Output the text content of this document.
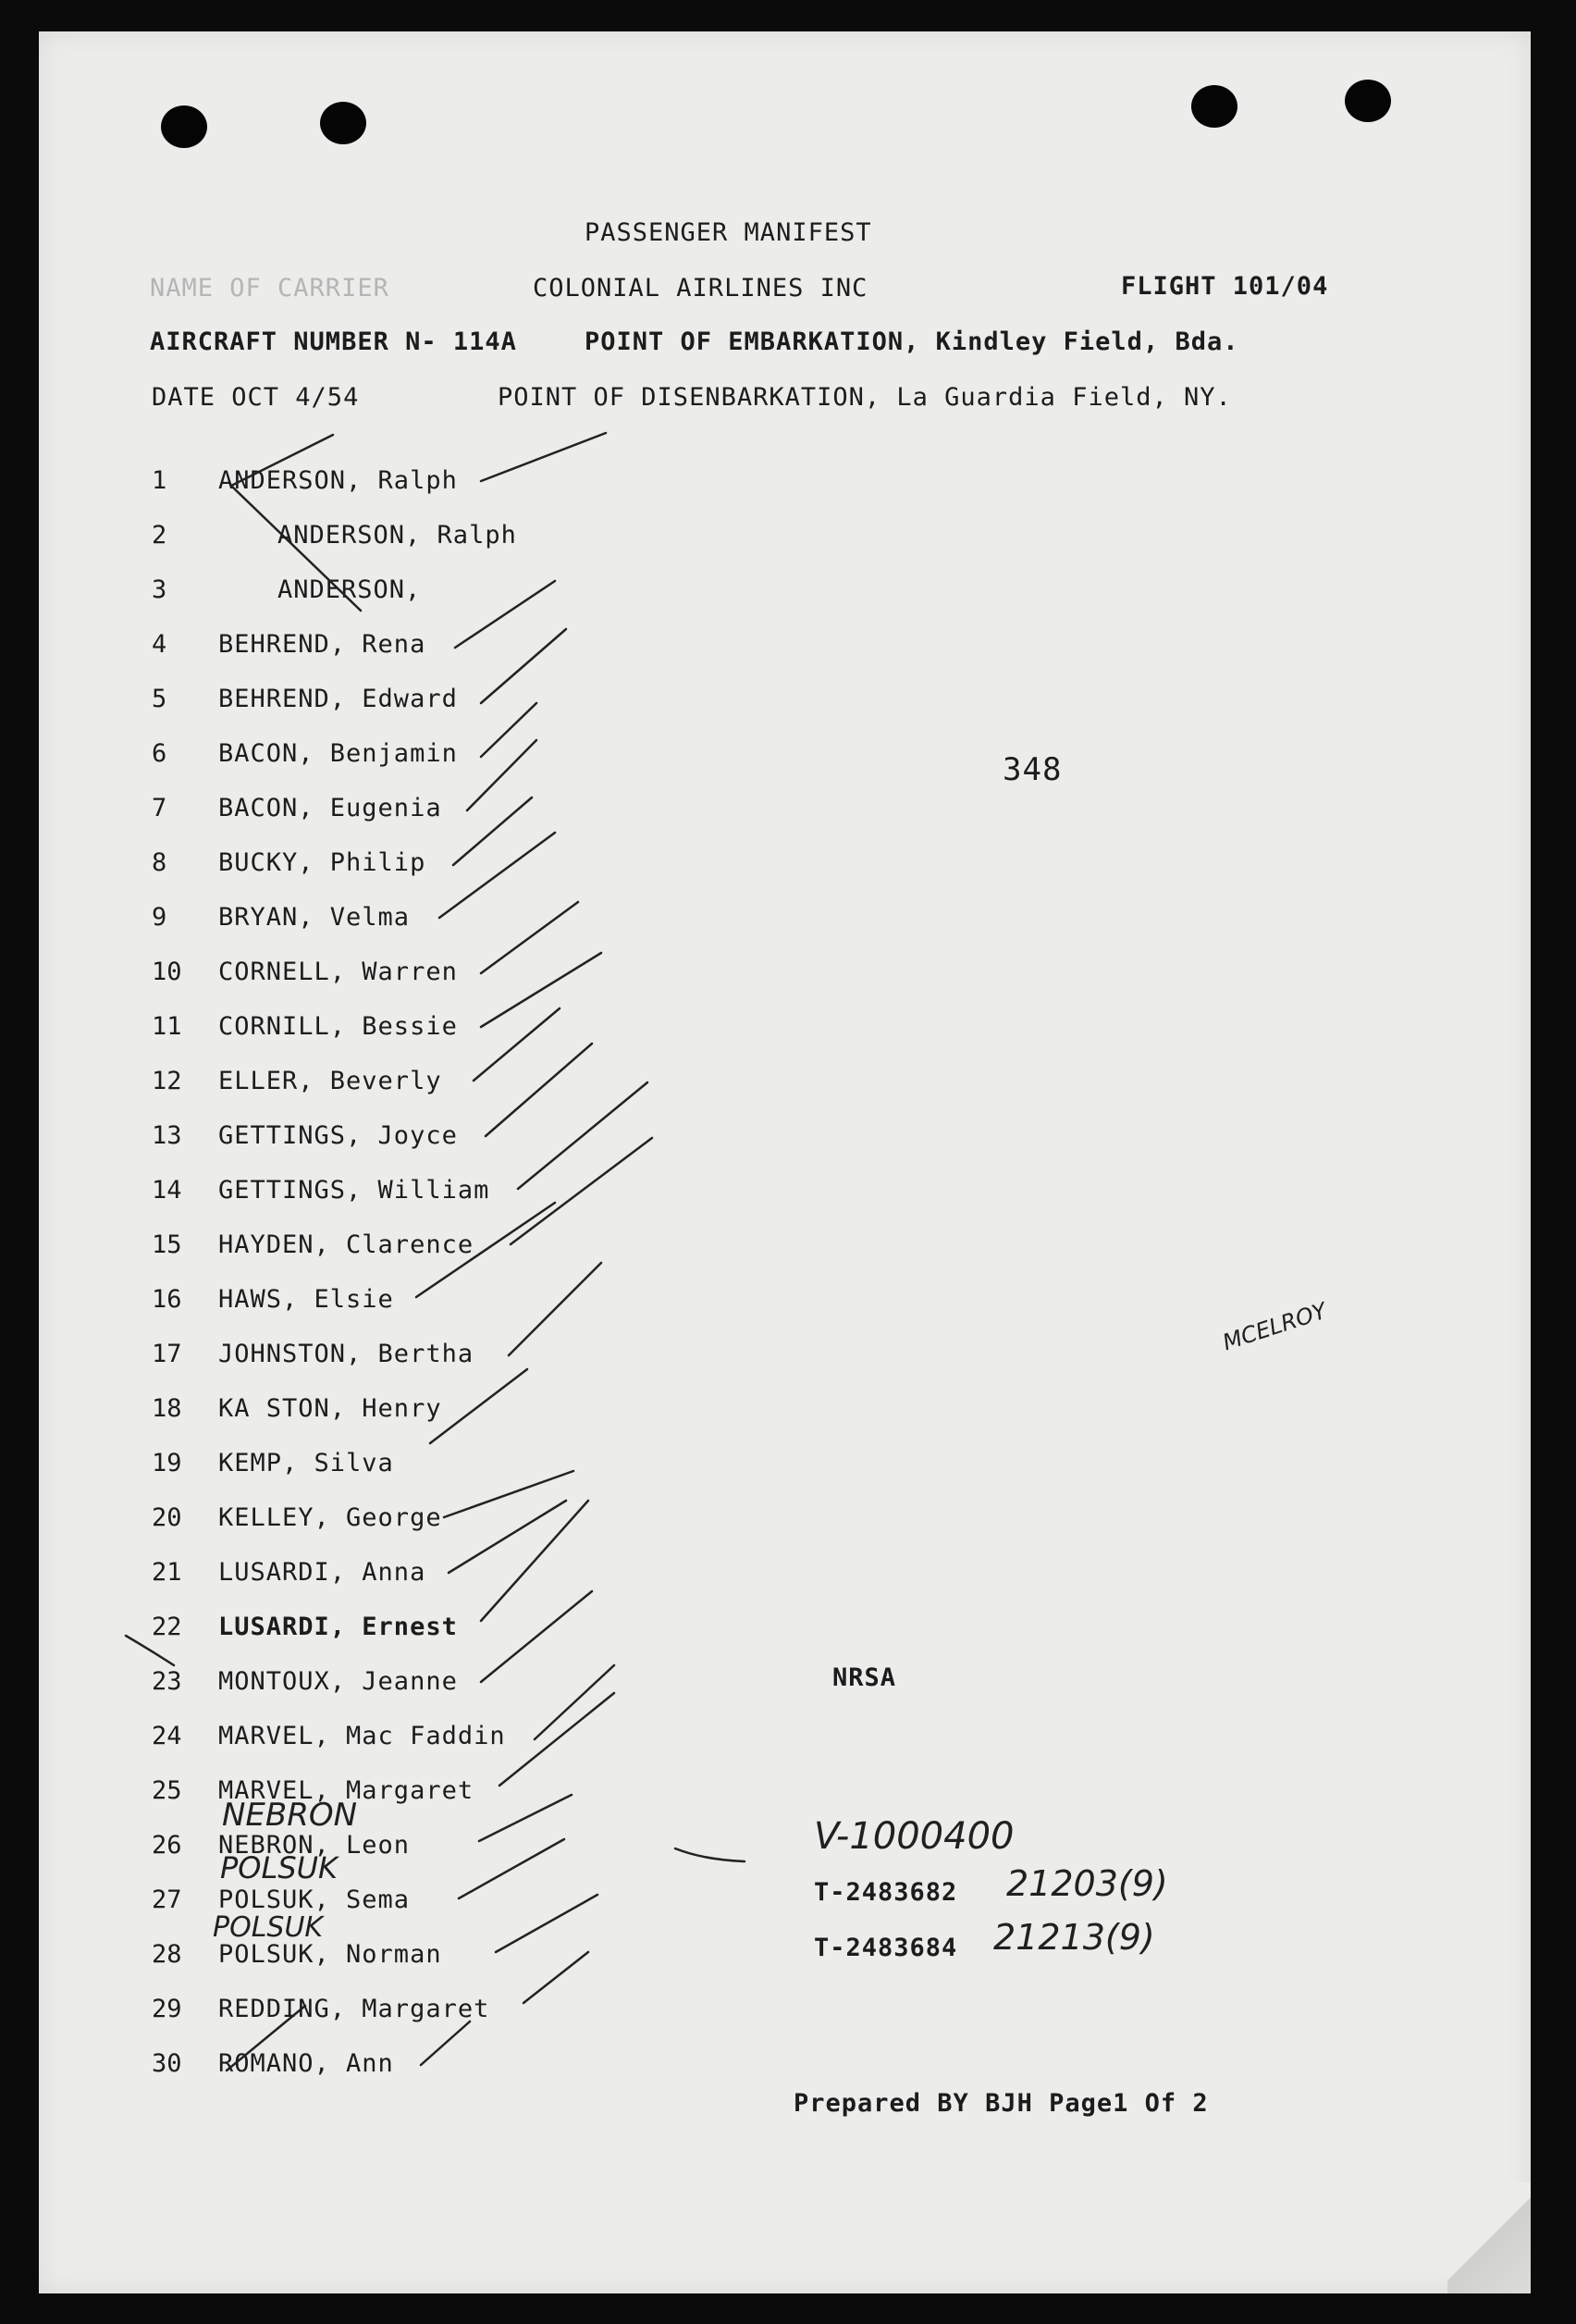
PASSENGER MANIFEST
NAME OF CARRIER	COLONIAL AIRLINES INC	FLIGHT 101/04
AIRCRAFT NUMBER N- 114A	POINT OF EMBARKATION, Kindley Field, Bda.
DATE OCT 4/54	POINT OF DISENBARKATION, La Guardia Field, NY.
1	ANDERSON, Ralph
2	ANDERSON, Ralph
3	ANDERSON,
4	BEHREND, Rena
5	BEHREND, Edward
6	BACON, Benjamin
7	BACON, Eugenia
8	BUCKY, Philip
9	BRYAN, Velma
10	CORNELL, Warren
11	CORNILL, Bessie
12	ELLER, Beverly
13	GETTINGS, Joyce
14	GETTINGS, William
15	HAYDEN, Clarence
16	HAWS, Elsie
17	JOHNSTON, Bertha
18	KA STON, Henry
19	KEMP, Silva
20	KELLEY, George
21	LUSARDI, Anna
22	LUSARDI, Ernest
23	MONTOUX, Jeanne
24	MARVEL, Mac Faddin
25	MARVEL, Margaret
26	NEBRON, Leon
27	POLSUK, Sema
28	POLSUK, Norman
29	REDDING, Margaret
30	ROMANO, Ann
348
MCELROY
NRSA
V-1000400
T-2483682 21203(9)
T-2483684 21213(9)
NEBRON
POLSUK
POLSUK
Prepared BY BJH Page1 Of 2
